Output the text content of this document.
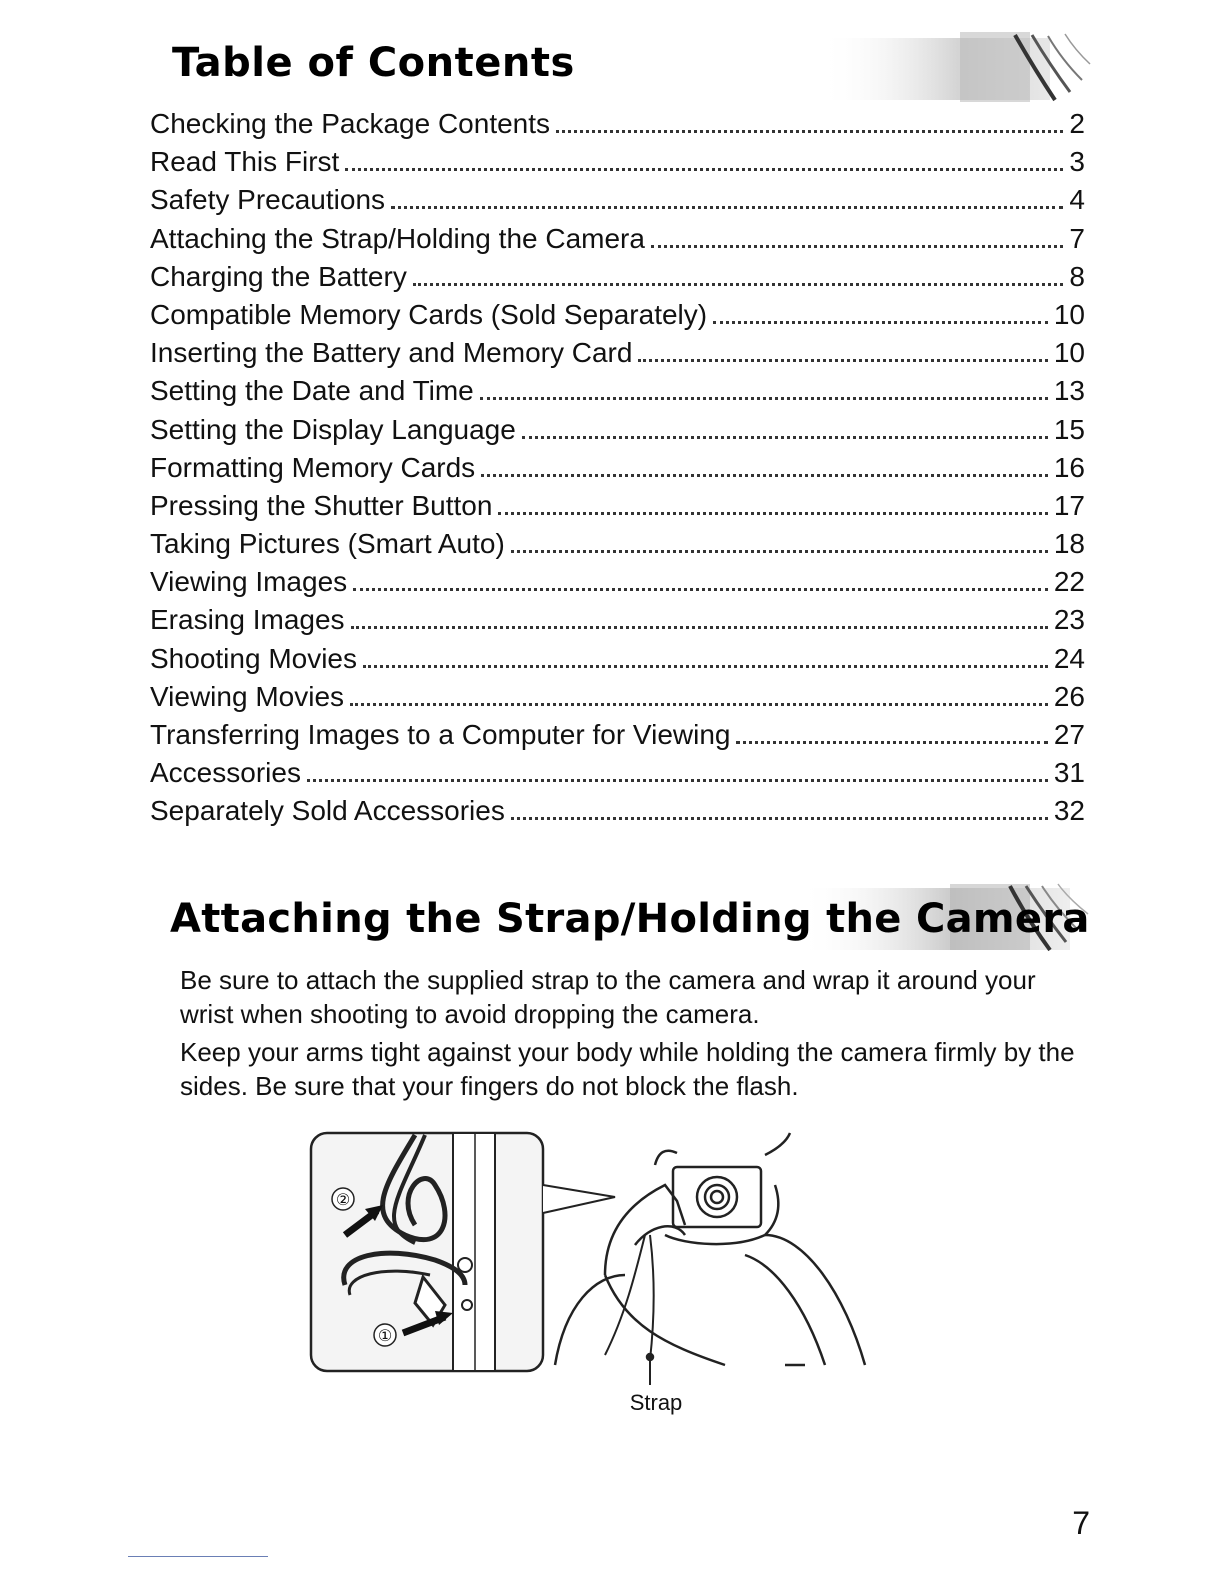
Table of Contents
Checking the Package Contents	2
Read This First	3
Safety Precautions	4
Attaching the Strap/Holding the Camera	7
Charging the Battery	8
Compatible Memory Cards (Sold Separately)	10
Inserting the Battery and Memory Card	10
Setting the Date and Time	13
Setting the Display Language	15
Formatting Memory Cards	16
Pressing the Shutter Button	17
Taking Pictures (Smart Auto)	18
Viewing Images	22
Erasing Images	23
Shooting Movies	24
Viewing Movies	26
Transferring Images to a Computer for Viewing	27
Accessories	31
Separately Sold Accessories	32
Attaching the Strap/Holding the Camera

Be sure to attach the supplied strap to the camera and wrap it around your wrist when shooting to avoid dropping the camera.

Keep your arms tight against your body while holding the camera firmly by the sides. Be sure that your fingers do not block the flash.

②
①
Strap
7
